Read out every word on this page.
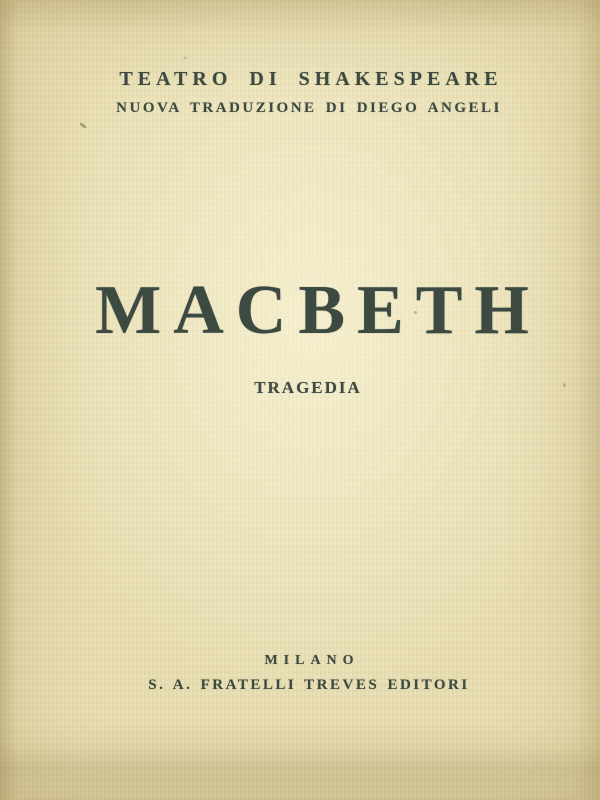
TEATRO DI SHAKESPEARE
NUOVA TRADUZIONE DI DIEGO ANGELI
MACBETH
TRAGEDIA
MILANO
S. A. FRATELLI TREVES EDITORI
